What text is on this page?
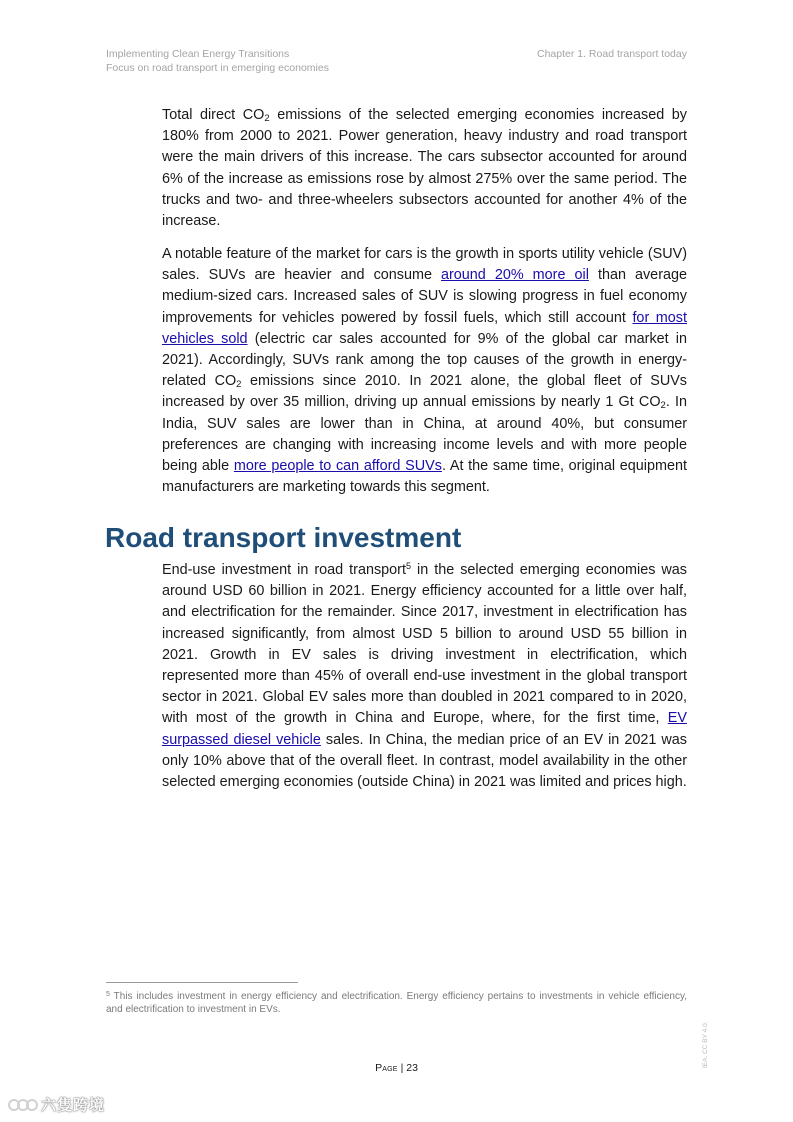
Implementing Clean Energy Transitions
Focus on road transport in emerging economies
Chapter 1. Road transport today

Total direct $CO_2$ emissions of the selected emerging economies increased by 180% from 2000 to 2021. Power generation, heavy industry and road transport were the main drivers of this increase. The cars subsector accounted for around 6% of the increase as emissions rose by almost 275% over the same period. The trucks and two- and three-wheelers subsectors accounted for another 4% of the increase.

A notable feature of the market for cars is the growth in sports utility vehicle (SUV) sales. SUVs are heavier and consume around 20% more oil than average medium-sized cars. Increased sales of SUV is slowing progress in fuel economy improvements for vehicles powered by fossil fuels, which still account for most vehicles sold (electric car sales accounted for 9% of the global car market in 2021). Accordingly, SUVs rank among the top causes of the growth in energy-related $CO_2$ emissions since 2010. In 2021 alone, the global fleet of SUVs increased by over 35 million, driving up annual emissions by nearly 1 Gt $CO_2$. In India, SUV sales are lower than in China, at around 40%, but consumer preferences are changing with increasing income levels and with more people being able more people to can afford SUVs. At the same time, original equipment manufacturers are marketing towards this segment.

Road transport investment

End-use investment in road transport$^5$ in the selected emerging economies was around USD 60 billion in 2021. Energy efficiency accounted for a little over half, and electrification for the remainder. Since 2017, investment in electrification has increased significantly, from almost USD 5 billion to around USD 55 billion in 2021. Growth in EV sales is driving investment in electrification, which represented more than 45% of overall end-use investment in the global transport sector in 2021. Global EV sales more than doubled in 2021 compared to in 2020, with most of the growth in China and Europe, where, for the first time, EV surpassed diesel vehicle sales. In China, the median price of an EV in 2021 was only 10% above that of the overall fleet. In contrast, model availability in the other selected emerging economies (outside China) in 2021 was limited and prices high.

$^5$ This includes investment in energy efficiency and electrification. Energy efficiency pertains to investments in vehicle efficiency, and electrification to investment in EVs.

Page | 23	IEA. CC BY 4.0.
六隻跨境
